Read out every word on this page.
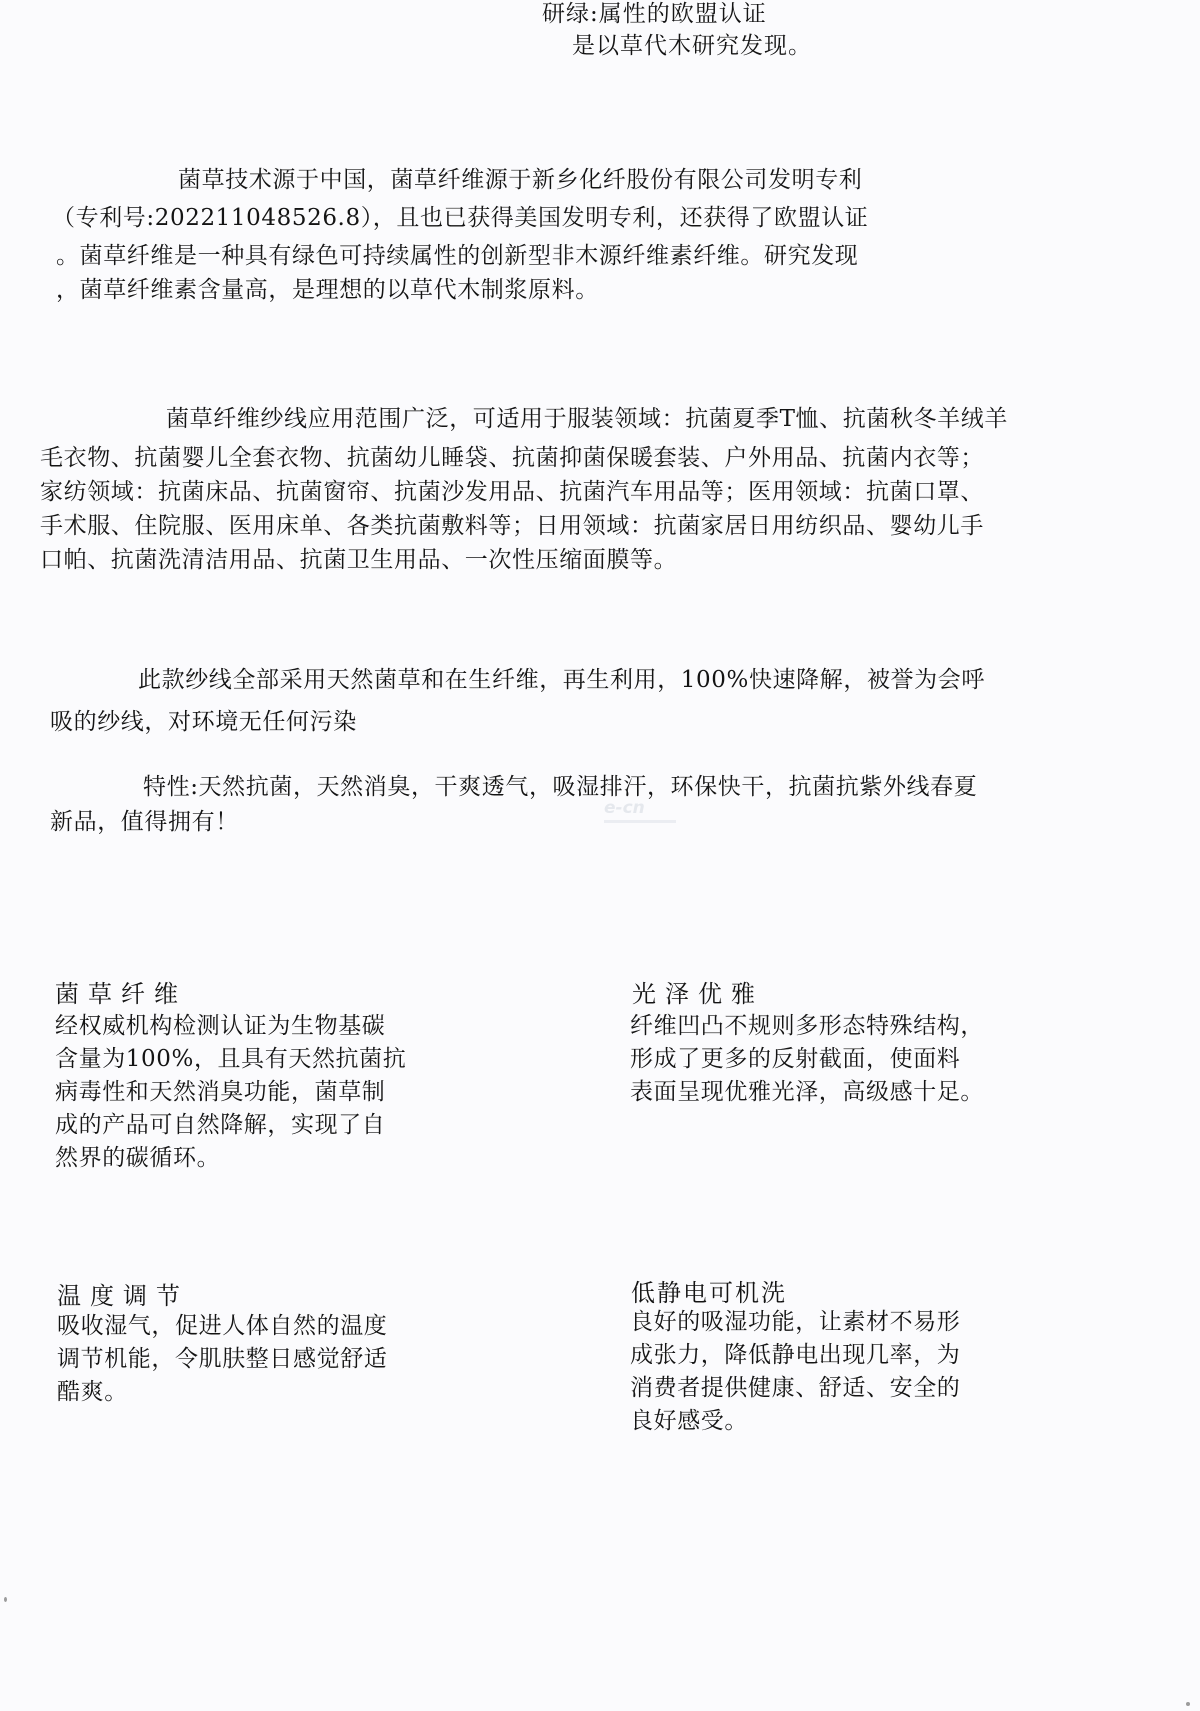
研绿:属性的欧盟认证

是以草代木研究发现。

菌草技术源于中国，菌草纤维源于新乡化纤股份有限公司发明专利

（专利号:202211048526.8），且也已获得美国发明专利，还获得了欧盟认证

。菌草纤维是一种具有绿色可持续属性的创新型非木源纤维素纤维。研究发现

，菌草纤维素含量高，是理想的以草代木制浆原料。

菌草纤维纱线应用范围广泛，可适用于服装领域：抗菌夏季T恤、抗菌秋冬羊绒羊

毛衣物、抗菌婴儿全套衣物、抗菌幼儿睡袋、抗菌抑菌保暖套装、户外用品、抗菌内衣等；

家纺领域：抗菌床品、抗菌窗帘、抗菌沙发用品、抗菌汽车用品等；医用领域：抗菌口罩、

手术服、住院服、医用床单、各类抗菌敷料等；日用领域：抗菌家居日用纺织品、婴幼儿手

口帕、抗菌洗清洁用品、抗菌卫生用品、一次性压缩面膜等。

此款纱线全部采用天然菌草和在生纤维，再生利用，100%快速降解，被誉为会呼

吸的纱线，对环境无任何污染

特性:天然抗菌，天然消臭，干爽透气，吸湿排汗，环保快干，抗菌抗紫外线春夏

新品，值得拥有！

e-cn

菌草纤维

经权威机构检测认证为生物基碳

含量为100%，且具有天然抗菌抗

病毒性和天然消臭功能，菌草制

成的产品可自然降解，实现了自

然界的碳循环。

光泽优雅

纤维凹凸不规则多形态特殊结构，

形成了更多的反射截面，使面料

表面呈现优雅光泽，高级感十足。

温度调节

吸收湿气，促进人体自然的温度

调节机能，令肌肤整日感觉舒适

酷爽。

低静电可机洗

良好的吸湿功能，让素材不易形

成张力，降低静电出现几率，为

消费者提供健康、舒适、安全的

良好感受。
